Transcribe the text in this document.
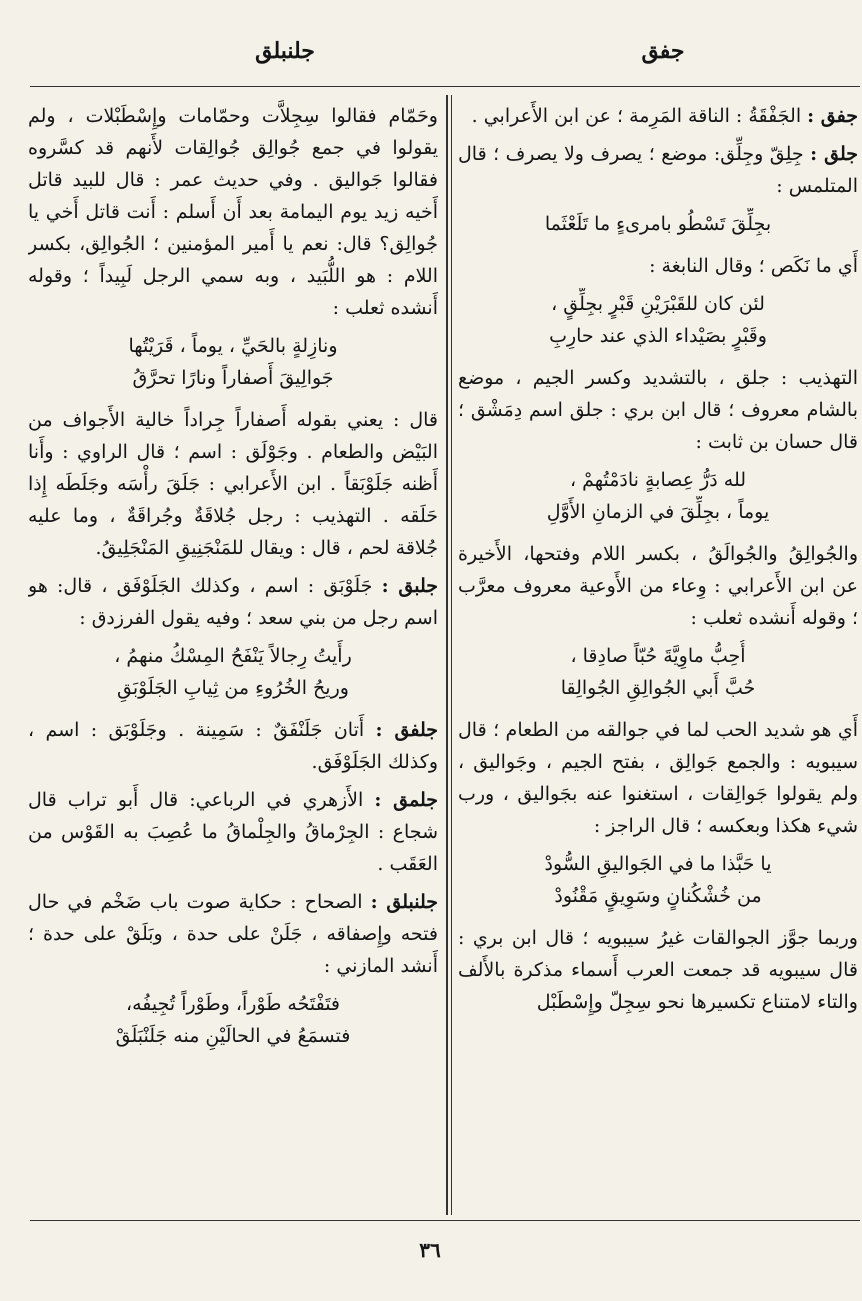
جفق
جلنبلق

جفق : الجَفْقَةُ : الناقة المَرِمة ؛ عن ابن الأَعرابي .

جلق : جِلِقّ وجِلِّق: موضع ؛ يصرف ولا يصرف ؛ قال المتلمس :

بجِلِّقَ تَسْطُو بامرىءٍ ما تَلَعْثَما

أَي ما نَكَص ؛ وقال النابغة :

لئن كان للقَبْرَيْنِ قَبْرٍ بجِلِّقٍ ،
وقَبْرٍ بصَيْداء الذي عند حارِبِ

التهذيب : جلق ، بالتشديد وكسر الجيم ، موضع بالشام معروف ؛ قال ابن بري : جلق اسم دِمَشْق ؛ قال حسان بن ثابت :

لله دَرُّ عِصابةٍ نادَمْتُهمْ ،
يوماً ، بجِلِّقَ في الزمانِ الأَوَّلِ

والجُوالِقُ والجُوالَقُ ، بكسر اللام وفتحها، الأَخيرة عن ابن الأَعرابي : وِعاء من الأَوعية معروف معرَّب ؛ وقوله أَنشده ثعلب :

أُحِبُّ ماوِيَّةَ حُبّاً صادِقا ،
حُبَّ أَبي الجُوالِقِ الجُوالِقا

أَي هو شديد الحب لما في جوالقه من الطعام ؛ قال سيبويه : والجمع جَوالِق ، بفتح الجيم ، وجَواليق ، ولم يقولوا جَوالِقات ، استغنوا عنه بجَواليق ، ورب شيء هكذا وبعكسه ؛ قال الراجز :

يا حَبَّذا ما في الجَواليقِ السُّودْ
من خُشْكُنانٍ وسَوِيقٍ مَقْنُودْ

وربما جوَّز الجوالقات غيرُ سيبويه ؛ قال ابن بري : قال سيبويه قد جمعت العرب أَسماء مذكرة بالأَلف والتاء لامتناع تكسيرها نحو سِجِلّ وإِسْطَبْل

وحَمّام فقالوا سِجِلاَّت وحمّامات وإِسْطَبْلات ، ولم يقولوا في جمع جُوالِق جُوالِقات لأَنهم قد كسَّروه فقالوا جَواليق . وفي حديث عمر : قال للبيد قاتل أَخيه زيد يوم اليمامة بعد أَن أَسلم : أَنت قاتل أَخي يا جُوالِق؟ قال: نعم يا أَمير المؤمنين ؛ الجُوالِق، بكسر اللام : هو اللُّبَيد ، وبه سمي الرجل لَبِيداً ؛ وقوله أَنشده ثعلب :

ونازِلةٍ بالحَيِّ ، يوماً ، قَرَيْتُها
جَوالِيقَ أَصفاراً ونارًا تحرَّقُ

قال : يعني بقوله أَصفاراً جِراداً خالية الأَجواف من البَيْض والطعام . وجَوْلَق : اسم ؛ قال الراوي : وأَنا أَظنه جَلَوْبَقاً . ابن الأَعرابي : جَلَقَ رأْسَه وجَلَطَه إِذا حَلَقه . التهذيب : رجل جُلاقَةٌ وجُراقَةٌ ، وما عليه جُلاقة لحم ، قال : ويقال للمَنْجَنِيقِ المَنْجَلِيقُ.

جلبق : جَلَوْبَق : اسم ، وكذلك الجَلَوْفَق ، قال: هو اسم رجل من بني سعد ؛ وفيه يقول الفرزدق :

رأَيتُ رِجالاً يَنْفَحُ المِسْكُ منهمُ ،
وريحُ الخُرُوءِ من ثِيابِ الجَلَوْبَقِ

جلفق : أَتان جَلَنْفَقٌ : سَمِينة . وجَلَوْبَق : اسم ، وكذلك الجَلَوْفَق.

جلمق : الأَزهري في الرباعي: قال أَبو تراب قال شجاع : الجِرْماقُ والجِلْماقُ ما عُصِبَ به القَوْس من العَقَب .

جلنبلق : الصحاح : حكاية صوت باب ضَخْم في حال فتحه وإِصفاقه ، جَلَنْ على حدة ، وبَلَقْ على حدة ؛ أَنشد المازني :

فتَفْتَحُه طَوْراً، وطَوْراً تُجِيفُه،
فتسمَعُ في الحالَيْنِ منه جَلَنْبَلَقْ
٣٦
